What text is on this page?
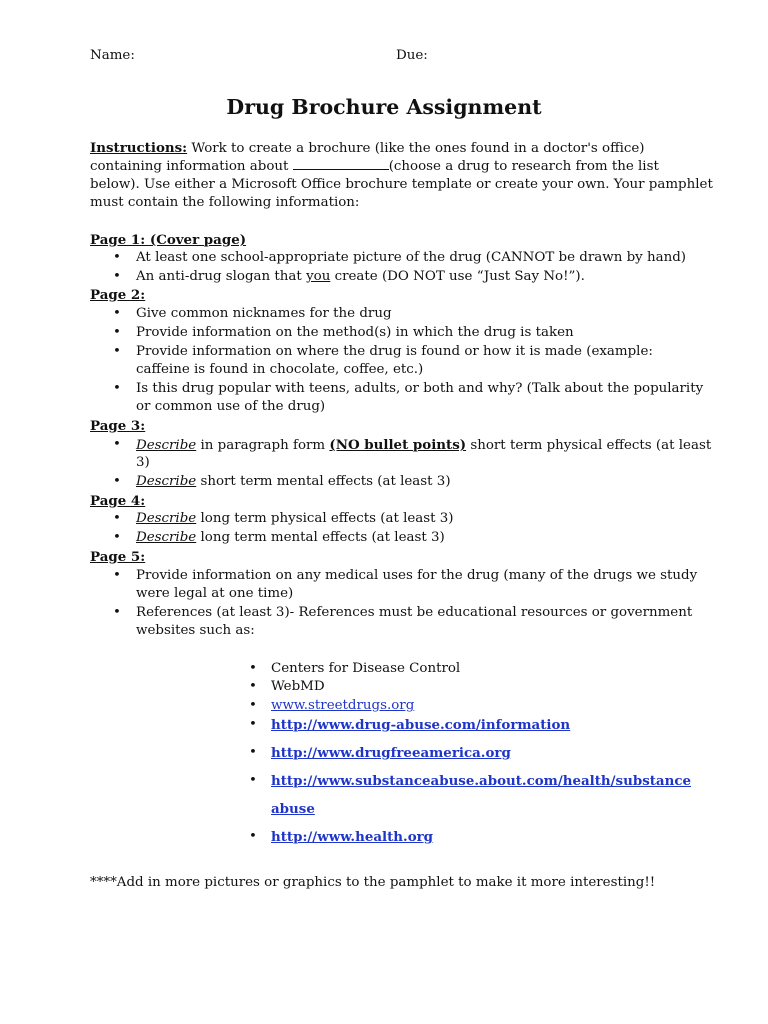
Name:	Due:
Drug Brochure Assignment
Instructions: Work to create a brochure (like the ones found in a doctor's office)
containing information about	(choose a drug to research from the list
below). Use either a Microsoft Office brochure template or create your own. Your pamphlet
must contain the following information:
Page 1: (Cover page)
• At least one school-appropriate picture of the drug (CANNOT be drawn by hand)
• An anti-drug slogan that you create (DO NOT use “Just Say No!”).
Page 2:
• Give common nicknames for the drug
• Provide information on the method(s) in which the drug is taken
• Provide information on where the drug is found or how it is made (example:
caffeine is found in chocolate, coffee, etc.)
• Is this drug popular with teens, adults, or both and why? (Talk about the popularity
or common use of the drug)
Page 3:
• Describe in paragraph form (NO bullet points) short term physical effects (at least
3)
• Describe short term mental effects (at least 3)
Page 4:
• Describe long term physical effects (at least 3)
• Describe long term mental effects (at least 3)
Page 5:
• Provide information on any medical uses for the drug (many of the drugs we study
were legal at one time)
• References (at least 3)- References must be educational resources or government
websites such as:
• Centers for Disease Control
• WebMD
• www.streetdrugs.org
• http://www.drug-abuse.com/information
• http://www.drugfreeamerica.org
• http://www.substanceabuse.about.com/health/substance
abuse
• http://www.health.org
****Add in more pictures or graphics to the pamphlet to make it more interesting!!
